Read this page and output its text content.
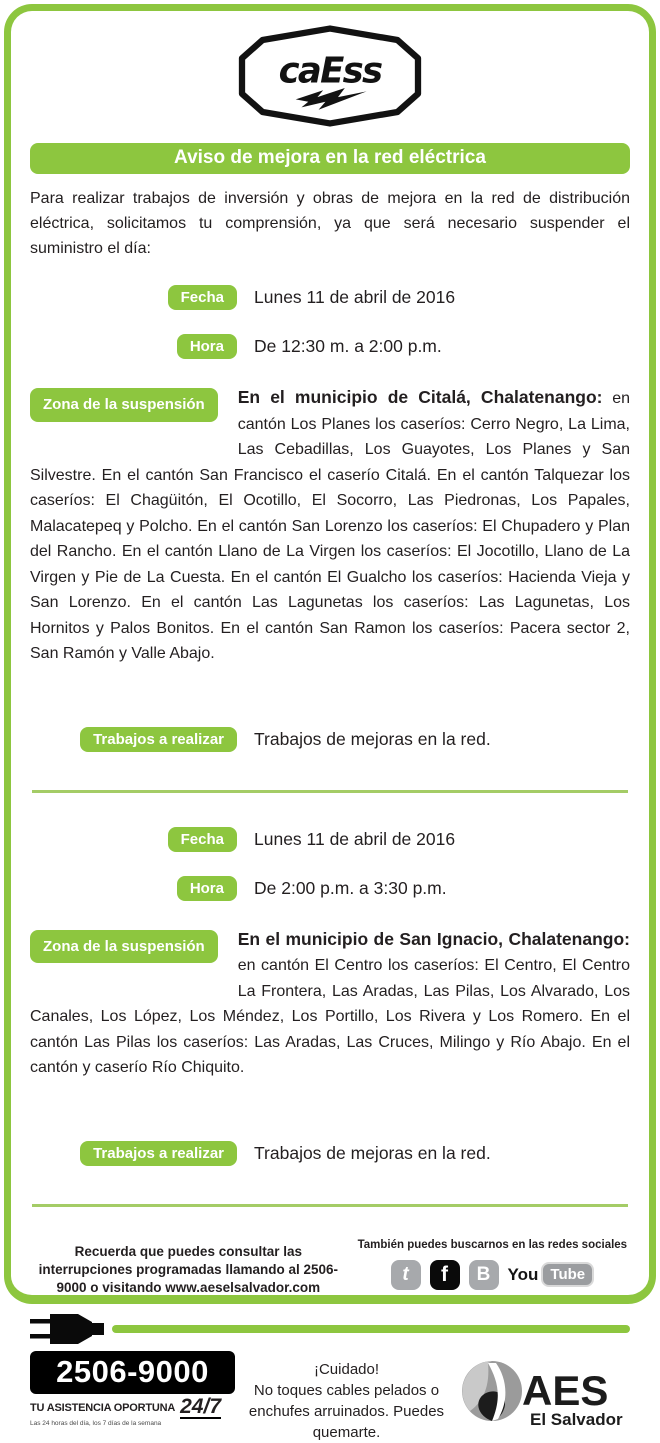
caEss
Aviso de mejora en la red eléctrica

Para realizar trabajos de inversión y obras de mejora en la red de distribución eléctrica, solicitamos tu comprensión, ya que será necesario suspender el suministro el día:

Fecha	Lunes 11 de abril de 2016
Hora	De 12:30 m. a 2:00 p.m.

Zona de la suspensión	En el municipio de Citalá, Chalatenango: en cantón Los Planes los caseríos: Cerro Negro, La Lima, Las Cebadillas, Los Guayotes, Los Planes y San Silvestre. En el cantón San Francisco el caserío Citalá. En el cantón Talquezar los caseríos: El Chagüitón, El Ocotillo, El Socorro, Las Piedronas, Los Papales, Malacatepeq y Polcho. En el cantón San Lorenzo los caseríos: El Chupadero y Plan del Rancho. En el cantón Llano de La Virgen los caseríos: El Jocotillo, Llano de La Virgen y Pie de La Cuesta. En el cantón El Gualcho los caseríos: Hacienda Vieja y San Lorenzo. En el cantón Las Lagunetas los caseríos: Las Lagunetas, Los Hornitos y Palos Bonitos. En el cantón San Ramon los caseríos: Pacera sector 2, San Ramón y Valle Abajo.

Trabajos a realizar	Trabajos de mejoras en la red.
Fecha	Lunes 11 de abril de 2016
Hora	De 2:00 p.m. a 3:30 p.m.

Zona de la suspensión	En el municipio de San Ignacio, Chalatenango: en cantón El Centro los caseríos: El Centro, El Centro La Frontera, Las Aradas, Las Pilas, Los Alvarado, Los Canales, Los López, Los Méndez, Los Portillo, Los Rivera y Los Romero. En el cantón Las Pilas los caseríos: Las Aradas, Las Cruces, Milingo y Río Abajo. En el cantón y caserío Río Chiquito.

Trabajos a realizar	Trabajos de mejoras en la red.
Recuerda que puedes consultar las interrupciones programadas llamando al 2506-9000 o visitando www.aeselsalvador.com
También puedes buscarnos en las redes sociales
t	f	B	You Tube
2506-9000
TU ASISTENCIA OPORTUNA 24/7
Las 24 horas del día, los 7 días de la semana
¡Cuidado!
No toques cables pelados o enchufes arruinados. Puedes quemarte.
AES
El Salvador
